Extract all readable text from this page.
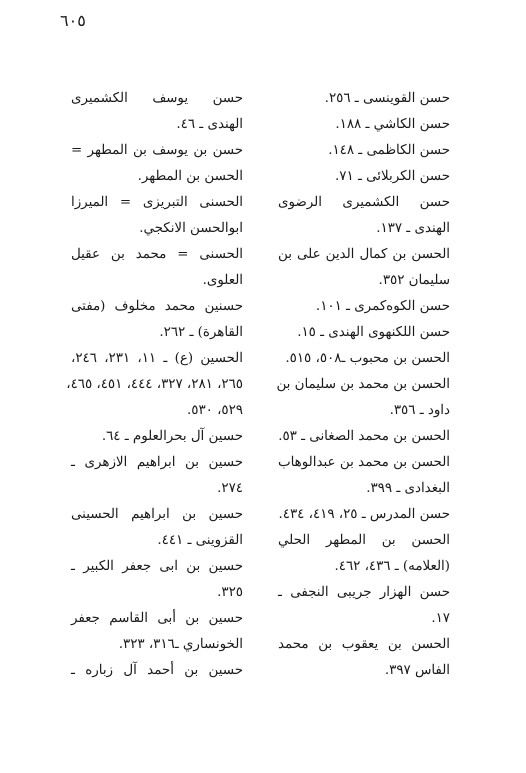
٦٠٥
حسن القوينسى ـ ٢٥٦.
حسن الكاشي ـ ١٨٨.
حسن الكاظمى ـ ١٤٨.
حسن الكربلائى ـ ٧١.
حسن الكشميرى الرضوى
الهندى ـ ١٣٧.
الحسن بن كمال الدين على بن
سليمان ٣٥٢.
حسن الكوه‌كمرى ـ ١٠١.
حسن اللكنهوى الهندى ـ ١٥.
الحسن بن محبوب ـ٥٠٨، ٥١٥.
الحسن بن محمد بن سليمان بن
داود ـ ٣٥٦.
الحسن بن محمد الصغانى ـ ٥٣.
الحسن بن محمد بن عبدالوهاب
البغدادى ـ ٣٩٩.
حسن المدرس ـ ٢٥، ٤١٩، ٤٣٤.
الحسن بن المطهر الحلي
(العلامه) ـ ٤٣٦، ٤٦٢.
حسن الهزار جريبى النجفى ـ
١٧.
الحسن بن يعقوب بن محمد
الفاس ٣٩٧.
حسن يوسف الكشميرى
الهندى ـ ٤٦.
حسن بن يوسف بن المطهر =
الحسن بن المطهر.
الحسنى التبريزى = الميرزا
ابوالحسن الانكجي.
الحسنى = محمد بن عقيل
العلوى.
حسنين محمد مخلوف (مفتى
القاهرة) ـ ٢٦٢.
الحسين (ع) ـ ١١، ٢٣١، ٢٤٦،
٢٦٥، ٢٨١، ٣٢٧، ٤٤٤، ٤٥١، ٤٦٥،
٥٢٩، ٥٣٠.
حسين آل بحرالعلوم ـ ٦٤.
حسين بن ابراهيم الازهرى ـ
٢٧٤.
حسين بن ابراهيم الحسينى
القزوينى ـ ٤٤١.
حسين بن ابى جعفر الكبير ـ
٣٢٥.
حسين بن أبى القاسم جعفر
الخونساري ـ٣١٦، ٣٢٣.
حسين بن أحمد آل زباره ـ
